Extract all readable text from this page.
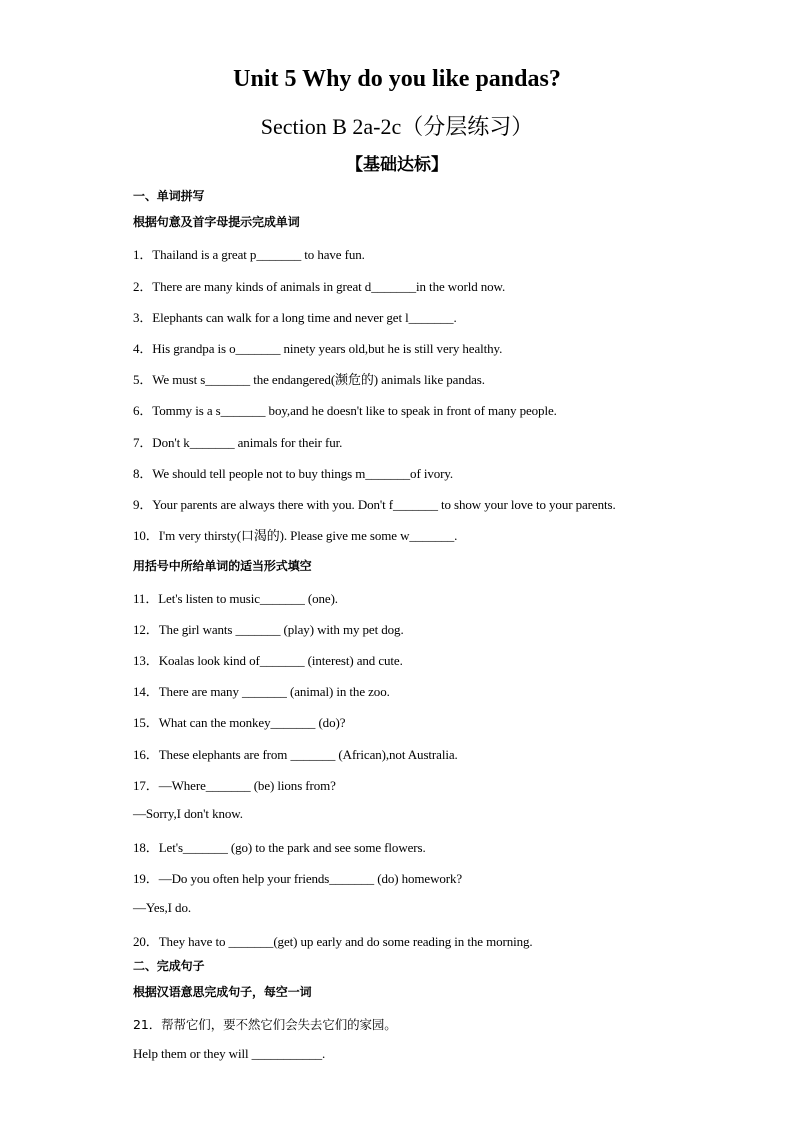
Unit 5 Why do you like pandas?
Section B 2a-2c（分层练习）
【基础达标】
一、单词拼写
根据句意及首字母提示完成单词
1．Thailand is a great p_______ to have fun.
2．There are many kinds of animals in great d_______in the world now.
3．Elephants can walk for a long time and never get l_______.
4．His grandpa is o_______ ninety years old,but he is still very healthy.
5．We must s_______ the endangered(濒危的) animals like pandas.
6．Tommy is a s_______ boy,and he doesn't like to speak in front of many people.
7．Don't k_______ animals for their fur.
8．We should tell people not to buy things m_______of ivory.
9．Your parents are always there with you. Don't f_______ to show your love to your parents.
10．I'm very thirsty(口渴的). Please give me some w_______.
用括号中所给单词的适当形式填空
11．Let's listen to music_______ (one).
12．The girl wants _______ (play) with my pet dog.
13．Koalas look kind of_______ (interest) and cute.
14．There are many _______ (animal) in the zoo.
15．What can the monkey_______ (do)?
16．These elephants are from _______ (African),not Australia.
17．—Where_______ (be) lions from?
—Sorry,I don't know.
18．Let's_______ (go) to the park and see some flowers.
19．—Do you often help your friends_______ (do) homework?
—Yes,I do.
20．They have to _______(get) up early and do some reading in the morning.
二、完成句子
根据汉语意思完成句子，每空一词
21．帮帮它们，要不然它们会失去它们的家园。
Help them or they will ___________.
